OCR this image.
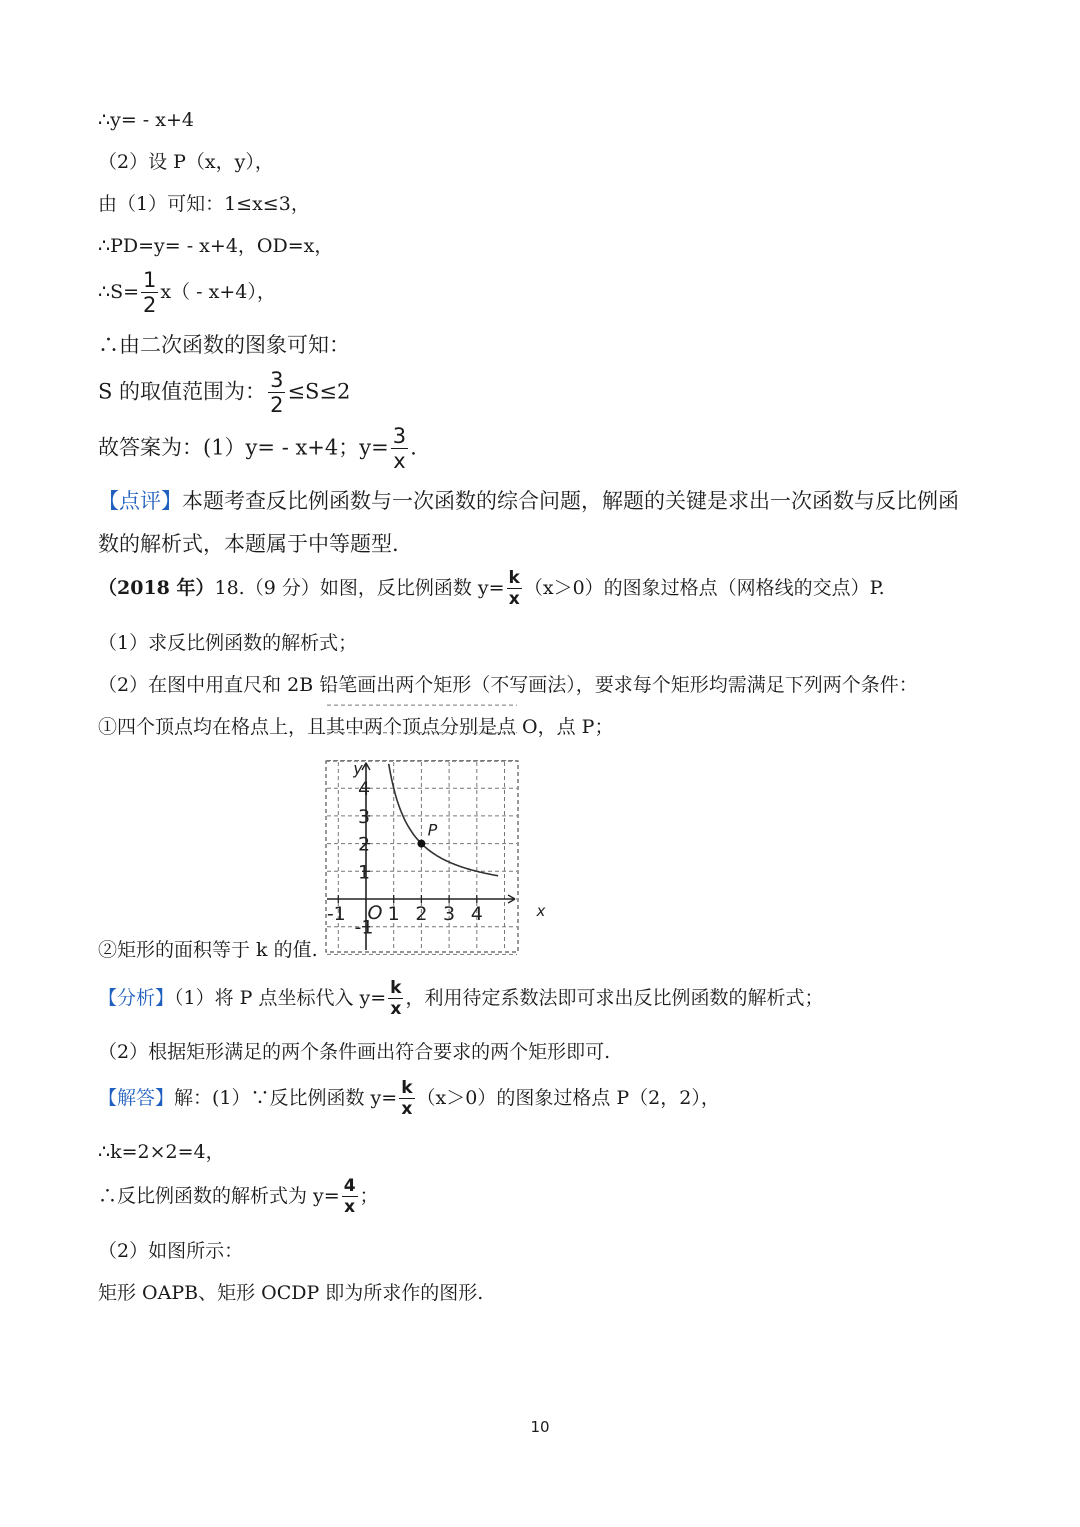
∴y= - x+4
（2）设 P（x，y），
由（1）可知：1≤x≤3，
∴PD=y= - x+4，OD=x，
∴S= $\frac{1}{2} x( - x+4)$，
∴由二次函数的图象可知：
S 的取值范围为： $\frac{3}{2} \le S\le 2$
故答案为：(1）y= - x+4；$y= \frac{3}{x}$ .
【点评】本题考查反比例函数与一次函数的综合问题，解题的关键是求出一次函数与反比例函
数的解析式，本题属于中等题型.
（2018 年）18.（9 分）如图，反比例函数 $y= \frac{k}{x} (x>0)$的图象过格点（网格线的交点）P.
（1）求反比例函数的解析式；
（2）在图中用直尺和 2B 铅笔画出两个矩形（不写画法），要求每个矩形均需满足下列两个条件：
①四个顶点均在格点上，且其中两个顶点分别是点 O，点 P；
-1 1 2 3 4
4
3
2
1
-1
O	x
y
P
②矩形的面积等于 k 的值.
【分析】（1）将 P 点坐标代入 $y= \frac{k}{x}$ ，利用待定系数法即可求出反比例函数的解析式；
（2）根据矩形满足的两个条件画出符合要求的两个矩形即可.
【解答】解：(1）∵反比例函数 $y= \frac{k}{x} (x>0)$的图象过格点 P（2，2），
∴k=2×2=4，
∴反比例函数的解析式为 $y= \frac{4}{x}$ ；
（2）如图所示：
矩形 OAPB、矩形 OCDP 即为所求作的图形.
10
